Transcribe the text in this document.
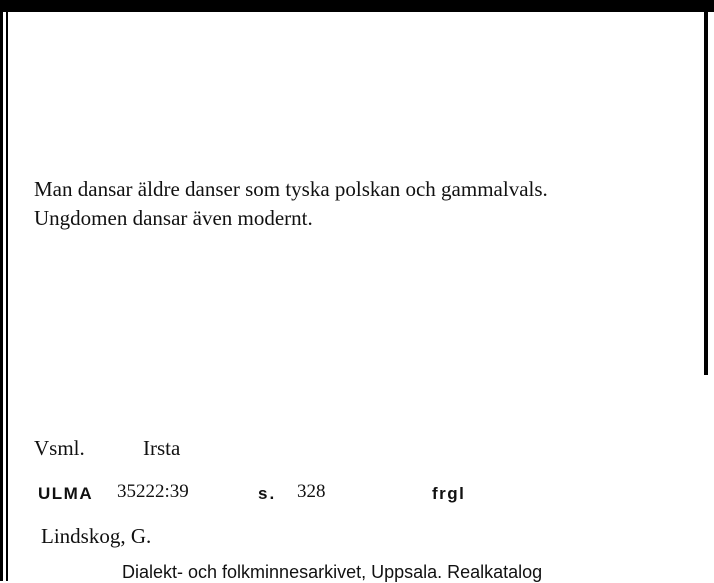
Man dansar äldre danser som tyska polskan och gammalvals.
Ungdomen dansar även modernt.
Vsml.	Irsta
ULMA 35222:39	s. 328	frgl
Lindskog, G.
Dialekt- och folkminnesarkivet, Uppsala. Realkatalog
